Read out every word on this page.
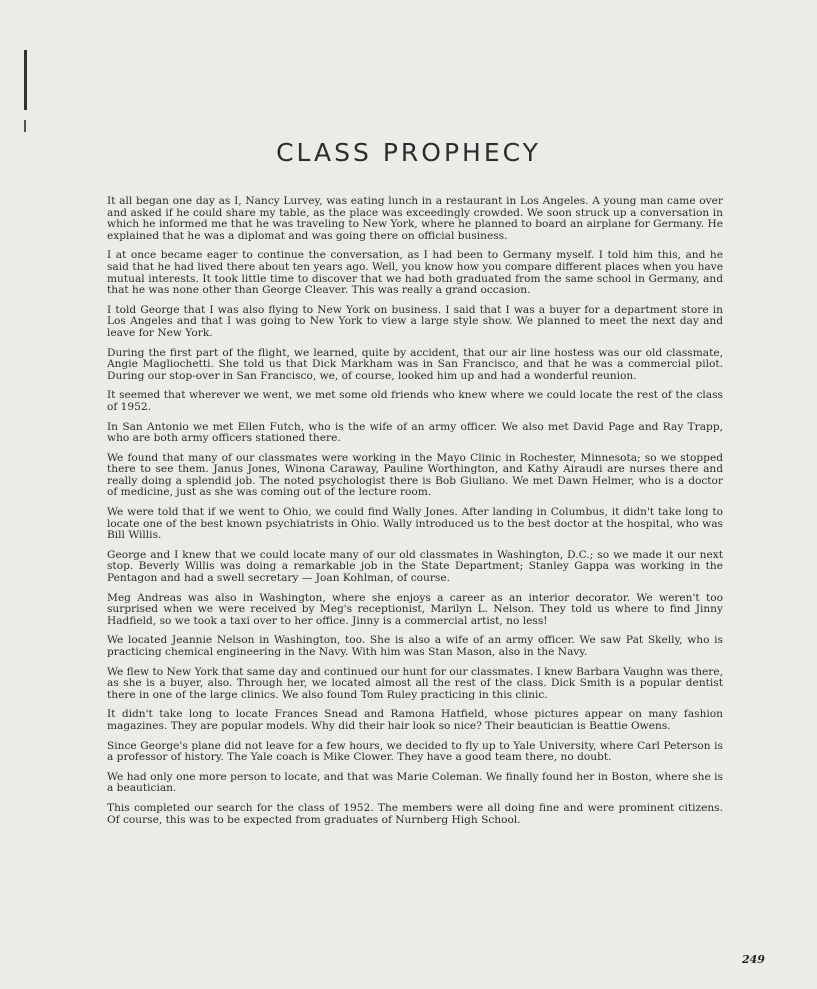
CLASS PROPHECY

It all began one day as I, Nancy Lurvey, was eating lunch in a restaurant in Los Angeles. A young man came over and asked if he could share my table, as the place was exceedingly crowded. We soon struck up a conversation in which he informed me that he was traveling to New York, where he planned to board an airplane for Germany. He explained that he was a diplomat and was going there on official business.

I at once became eager to continue the conversation, as I had been to Germany myself. I told him this, and he said that he had lived there about ten years ago. Well, you know how you compare different places when you have mutual interests. It took little time to discover that we had both graduated from the same school in Germany, and that he was none other than George Cleaver. This was really a grand occasion.

I told George that I was also flying to New York on business. I said that I was a buyer for a department store in Los Angeles and that I was going to New York to view a large style show. We planned to meet the next day and leave for New York.

During the first part of the flight, we learned, quite by accident, that our air line hostess was our old classmate, Angie Magliochetti. She told us that Dick Markham was in San Francisco, and that he was a commercial pilot. During our stop-over in San Francisco, we, of course, looked him up and had a wonderful reunion.

It seemed that wherever we went, we met some old friends who knew where we could locate the rest of the class of 1952.

In San Antonio we met Ellen Futch, who is the wife of an army officer. We also met David Page and Ray Trapp, who are both army officers stationed there.

We found that many of our classmates were working in the Mayo Clinic in Rochester, Minnesota; so we stopped there to see them. Janus Jones, Winona Caraway, Pauline Worthington, and Kathy Airaudi are nurses there and really doing a splendid job. The noted psychologist there is Bob Giuliano. We met Dawn Helmer, who is a doctor of medicine, just as she was coming out of the lecture room.

We were told that if we went to Ohio, we could find Wally Jones. After landing in Columbus, it didn't take long to locate one of the best known psychiatrists in Ohio. Wally introduced us to the best doctor at the hospital, who was Bill Willis.

George and I knew that we could locate many of our old classmates in Washington, D.C.; so we made it our next stop. Beverly Willis was doing a remarkable job in the State Department; Stanley Gappa was working in the Pentagon and had a swell secretary — Joan Kohlman, of course.

Meg Andreas was also in Washington, where she enjoys a career as an interior decorator. We weren't too surprised when we were received by Meg's receptionist, Marilyn L. Nelson. They told us where to find Jinny Hadfield, so we took a taxi over to her office. Jinny is a commercial artist, no less!

We located Jeannie Nelson in Washington, too. She is also a wife of an army officer. We saw Pat Skelly, who is practicing chemical engineering in the Navy. With him was Stan Mason, also in the Navy.

We flew to New York that same day and continued our hunt for our classmates. I knew Barbara Vaughn was there, as she is a buyer, also. Through her, we located almost all the rest of the class. Dick Smith is a popular dentist there in one of the large clinics. We also found Tom Ruley practicing in this clinic.

It didn't take long to locate Frances Snead and Ramona Hatfield, whose pictures appear on many fashion magazines. They are popular models. Why did their hair look so nice? Their beautician is Beattie Owens.

Since George's plane did not leave for a few hours, we decided to fly up to Yale University, where Carl Peterson is a professor of history. The Yale coach is Mike Clower. They have a good team there, no doubt.

We had only one more person to locate, and that was Marie Coleman. We finally found her in Boston, where she is a beautician.

This completed our search for the class of 1952. The members were all doing fine and were prominent citizens. Of course, this was to be expected from graduates of Nurnberg High School.

249
